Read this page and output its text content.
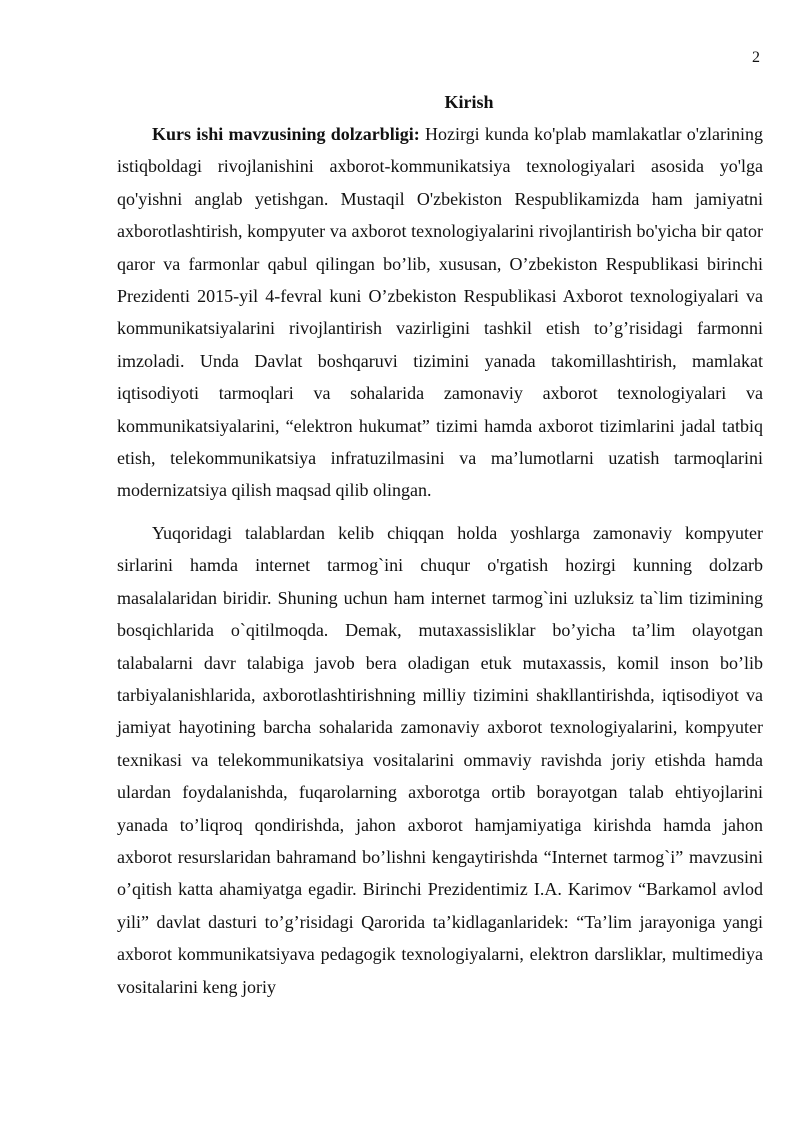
2
Kirish

Kurs ishi mavzusining dolzarbligi: Hozirgi kunda ko'plab mamlakatlar o'zlarining istiqboldagi rivojlanishini axborot-kommunikatsiya texnologiyalari asosida yo'lga qo'yishni anglab yetishgan. Mustaqil O'zbekiston Respublikamizda ham jamiyatni axborotlashtirish, kompyuter va axborot texnologiyalarini rivojlantirish bo'yicha bir qator qaror va farmonlar qabul qilingan bo’lib, xususan, O’zbekiston Respublikasi birinchi Prezidenti 2015-yil 4-fevral kuni O’zbekiston Respublikasi Axborot texnologiyalari va kommunikatsiyalarini rivojlantirish vazirligini tashkil etish to’g’risidagi farmonni imzoladi. Unda Davlat boshqaruvi tizimini yanada takomillashtirish, mamlakat iqtisodiyoti tarmoqlari va sohalarida zamonaviy axborot texnologiyalari va kommunikatsiyalarini, “elektron hukumat” tizimi hamda axborot tizimlarini jadal tatbiq etish, telekommunikatsiya infratuzilmasini va ma’lumotlarni uzatish tarmoqlarini modernizatsiya qilish maqsad qilib olingan.

Yuqoridagi talablardan kelib chiqqan holda yoshlarga zamonaviy kompyuter sirlarini hamda internet tarmog`ini chuqur o'rgatish hozirgi kunning dolzarb masalalaridan biridir. Shuning uchun ham internet tarmog`ini uzluksiz ta`lim tizimining bosqichlarida o`qitilmoqda. Demak, mutaxassisliklar bo’yicha ta’lim olayotgan talabalarni davr talabiga javob bera oladigan etuk mutaxassis, komil inson bo’lib tarbiyalanishlarida, axborotlashtirishning milliy tizimini shakllantirishda, iqtisodiyot va jamiyat hayotining barcha sohalarida zamonaviy axborot texnologiyalarini, kompyuter texnikasi va telekommunikatsiya vositalarini ommaviy ravishda joriy etishda hamda ulardan foydalanishda, fuqarolarning axborotga ortib borayotgan talab ehtiyojlarini yanada to’liqroq qondirishda, jahon axborot hamjamiyatiga kirishda hamda jahon axborot resurslaridan bahramand bo’lishni kengaytirishda “Internet tarmog`i” mavzusini o’qitish katta ahamiyatga egadir. Birinchi Prezidentimiz I.A. Karimov “Barkamol avlod yili” davlat dasturi to’g’risidagi Qarorida ta’kidlaganlaridek: “Ta’lim jarayoniga yangi axborot kommunikatsiyava pedagogik texnologiyalarni, elektron darsliklar, multimediya vositalarini keng joriy
